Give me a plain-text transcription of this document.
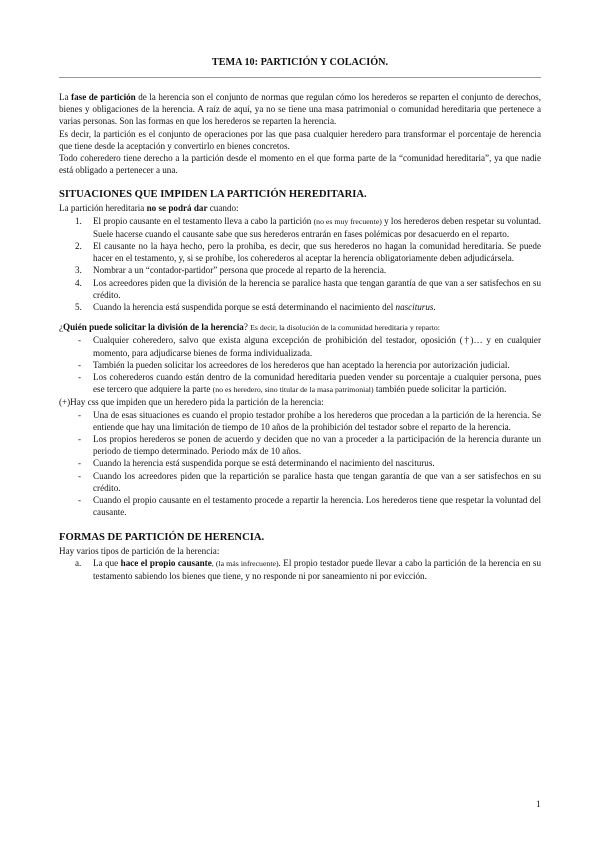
TEMA 10: PARTICIÓN Y COLACIÓN.

La fase de partición de la herencia son el conjunto de normas que regulan cómo los herederos se reparten el conjunto de derechos, bienes y obligaciones de la herencia. A raíz de aquí, ya no se tiene una masa patrimonial o comunidad hereditaria que pertenece a varias personas. Son las formas en que los herederos se reparten la herencia.

Es decir, la partición es el conjunto de operaciones por las que pasa cualquier heredero para transformar el porcentaje de herencia que tiene desde la aceptación y convertirlo en bienes concretos.

Todo coheredero tiene derecho a la partición desde el momento en el que forma parte de la “comunidad hereditaria”, ya que nadie está obligado a pertenecer a una.

SITUACIONES QUE IMPIDEN LA PARTICIÓN HEREDITARIA.

La partición hereditaria no se podrá dar cuando:

1. El propio causante en el testamento lleva a cabo la partición (no es muy frecuente) y los herederos deben respetar su voluntad. Suele hacerse cuando el causante sabe que sus herederos entrarán en fases polémicas por desacuerdo en el reparto.
2. El causante no la haya hecho, pero la prohíba, es decir, que sus herederos no hagan la comunidad hereditaria. Se puede hacer en el testamento, y, si se prohíbe, los coherederos al aceptar la herencia obligatoriamente deben adjudicársela.
3. Nombrar a un “contador-partidor” persona que procede al reparto de la herencia.
4. Los acreedores piden que la división de la herencia se paralice hasta que tengan garantía de que van a ser satisfechos en su crédito.
5. Cuando la herencia está suspendida porque se está determinando el nacimiento del nasciturus.

¿Quién puede solicitar la división de la herencia? Es decir, la disolución de la comunidad hereditaria y reparto:

- Cualquier coheredero, salvo que exista alguna excepción de prohibición del testador, oposición (†)… y en cualquier momento, para adjudicarse bienes de forma individualizada.
- También la pueden solicitar los acreedores de los herederos que han aceptado la herencia por autorización judicial.
- Los coherederos cuando están dentro de la comunidad hereditaria pueden vender su porcentaje a cualquier persona, pues ese tercero que adquiere la parte (no es heredero, sino titular de la masa patrimonial) también puede solicitar la partición.

(+)Hay css que impiden que un heredero pida la partición de la herencia:

- Una de esas situaciones es cuando el propio testador prohíbe a los herederos que procedan a la partición de la herencia. Se entiende que hay una limitación de tiempo de 10 años de la prohibición del testador sobre el reparto de la herencia.
- Los propios herederos se ponen de acuerdo y deciden que no van a proceder a la participación de la herencia durante un periodo de tiempo determinado. Periodo máx de 10 años.
- Cuando la herencia está suspendida porque se está determinando el nacimiento del nasciturus.
- Cuando los acreedores piden que la repartición se paralice hasta que tengan garantía de que van a ser satisfechos en su crédito.
- Cuando el propio causante en el testamento procede a repartir la herencia. Los herederos tiene que respetar la voluntad del causante.
FORMAS DE PARTICIÓN DE HERENCIA.

Hay varios tipos de partición de la herencia:

a. La que hace el propio causante, (la más infrecuente). El propio testador puede llevar a cabo la partición de la herencia en su testamento sabiendo los bienes que tiene, y no responde ni por saneamiento ni por evicción.
1
